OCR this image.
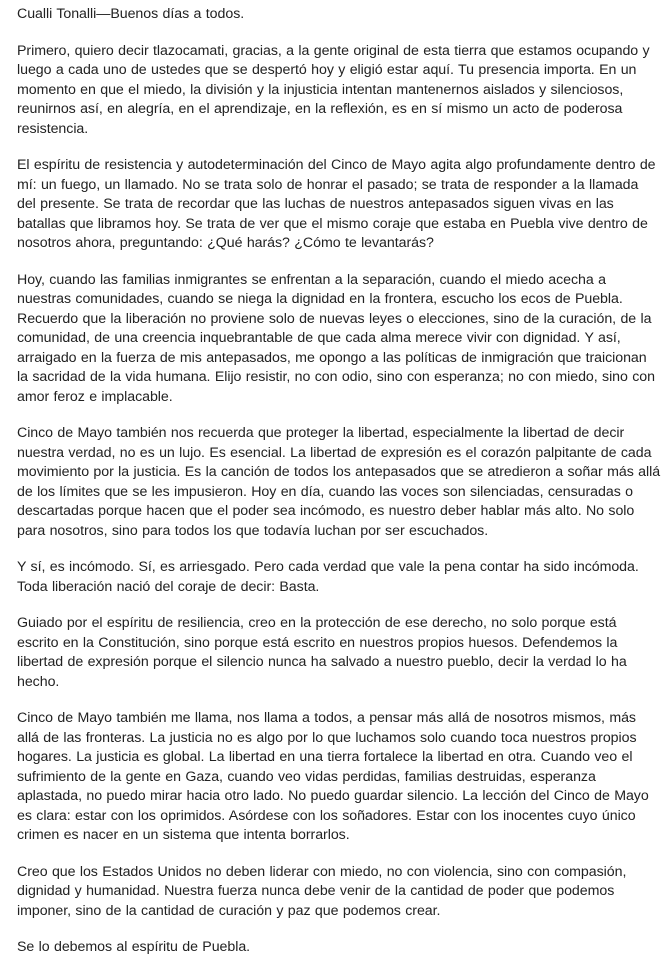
Cualli Tonalli—Buenos días a todos.

Primero, quiero decir tlazocamati, gracias, a la gente original de esta tierra que estamos ocupando y luego a cada uno de ustedes que se despertó hoy y eligió estar aquí. Tu presencia importa. En un momento en que el miedo, la división y la injusticia intentan mantenernos aislados y silenciosos, reunirnos así, en alegría, en el aprendizaje, en la reflexión, es en sí mismo un acto de poderosa resistencia.

El espíritu de resistencia y autodeterminación del Cinco de Mayo agita algo profundamente dentro de mí: un fuego, un llamado. No se trata solo de honrar el pasado; se trata de responder a la llamada del presente. Se trata de recordar que las luchas de nuestros antepasados siguen vivas en las batallas que libramos hoy. Se trata de ver que el mismo coraje que estaba en Puebla vive dentro de nosotros ahora, preguntando: ¿Qué harás? ¿Cómo te levantarás?

Hoy, cuando las familias inmigrantes se enfrentan a la separación, cuando el miedo acecha a nuestras comunidades, cuando se niega la dignidad en la frontera, escucho los ecos de Puebla. Recuerdo que la liberación no proviene solo de nuevas leyes o elecciones, sino de la curación, de la comunidad, de una creencia inquebrantable de que cada alma merece vivir con dignidad. Y así, arraigado en la fuerza de mis antepasados, me opongo a las políticas de inmigración que traicionan la sacridad de la vida humana. Elijo resistir, no con odio, sino con esperanza; no con miedo, sino con amor feroz e implacable.

Cinco de Mayo también nos recuerda que proteger la libertad, especialmente la libertad de decir nuestra verdad, no es un lujo. Es esencial. La libertad de expresión es el corazón palpitante de cada movimiento por la justicia. Es la canción de todos los antepasados que se atredieron a soñar más allá de los límites que se les impusieron. Hoy en día, cuando las voces son silenciadas, censuradas o descartadas porque hacen que el poder sea incómodo, es nuestro deber hablar más alto. No solo para nosotros, sino para todos los que todavía luchan por ser escuchados.

Y sí, es incómodo. Sí, es arriesgado. Pero cada verdad que vale la pena contar ha sido incómoda. Toda liberación nació del coraje de decir: Basta.

Guiado por el espíritu de resiliencia, creo en la protección de ese derecho, no solo porque está escrito en la Constitución, sino porque está escrito en nuestros propios huesos. Defendemos la libertad de expresión porque el silencio nunca ha salvado a nuestro pueblo, decir la verdad lo ha hecho.

Cinco de Mayo también me llama, nos llama a todos, a pensar más allá de nosotros mismos, más allá de las fronteras. La justicia no es algo por lo que luchamos solo cuando toca nuestros propios hogares. La justicia es global. La libertad en una tierra fortalece la libertad en otra. Cuando veo el sufrimiento de la gente en Gaza, cuando veo vidas perdidas, familias destruidas, esperanza aplastada, no puedo mirar hacia otro lado. No puedo guardar silencio. La lección del Cinco de Mayo es clara: estar con los oprimidos. Asórdese con los soñadores. Estar con los inocentes cuyo único crimen es nacer en un sistema que intenta borrarlos.

Creo que los Estados Unidos no deben liderar con miedo, no con violencia, sino con compasión, dignidad y humanidad. Nuestra fuerza nunca debe venir de la cantidad de poder que podemos imponer, sino de la cantidad de curación y paz que podemos crear.

Se lo debemos al espíritu de Puebla.
